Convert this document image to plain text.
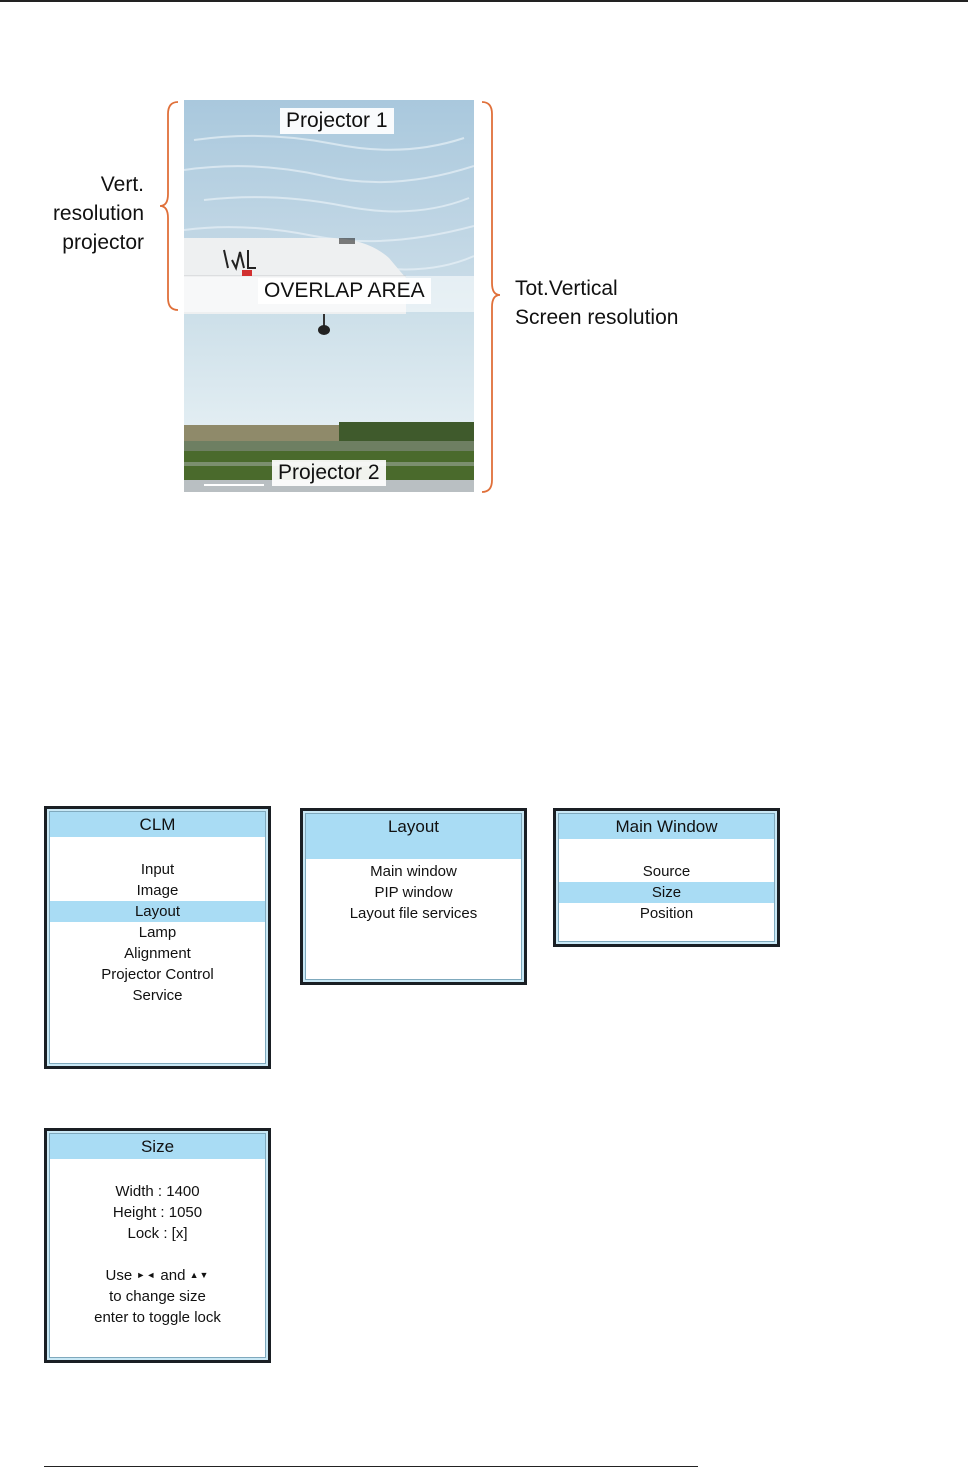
Vert.
resolution
projector
Projector 1
OVERLAP AREA
Projector 2
Tot.Vertical
Screen resolution
CLM
Input
Image
Layout
Lamp
Alignment
Projector Control
Service
Layout
Main window
PIP window
Layout file services
Main Window
Source
Size
Position
Size
Width : 1400
Height : 1050
Lock : [x]
Use ►◄ and ▲▼
to change size
enter to toggle lock
